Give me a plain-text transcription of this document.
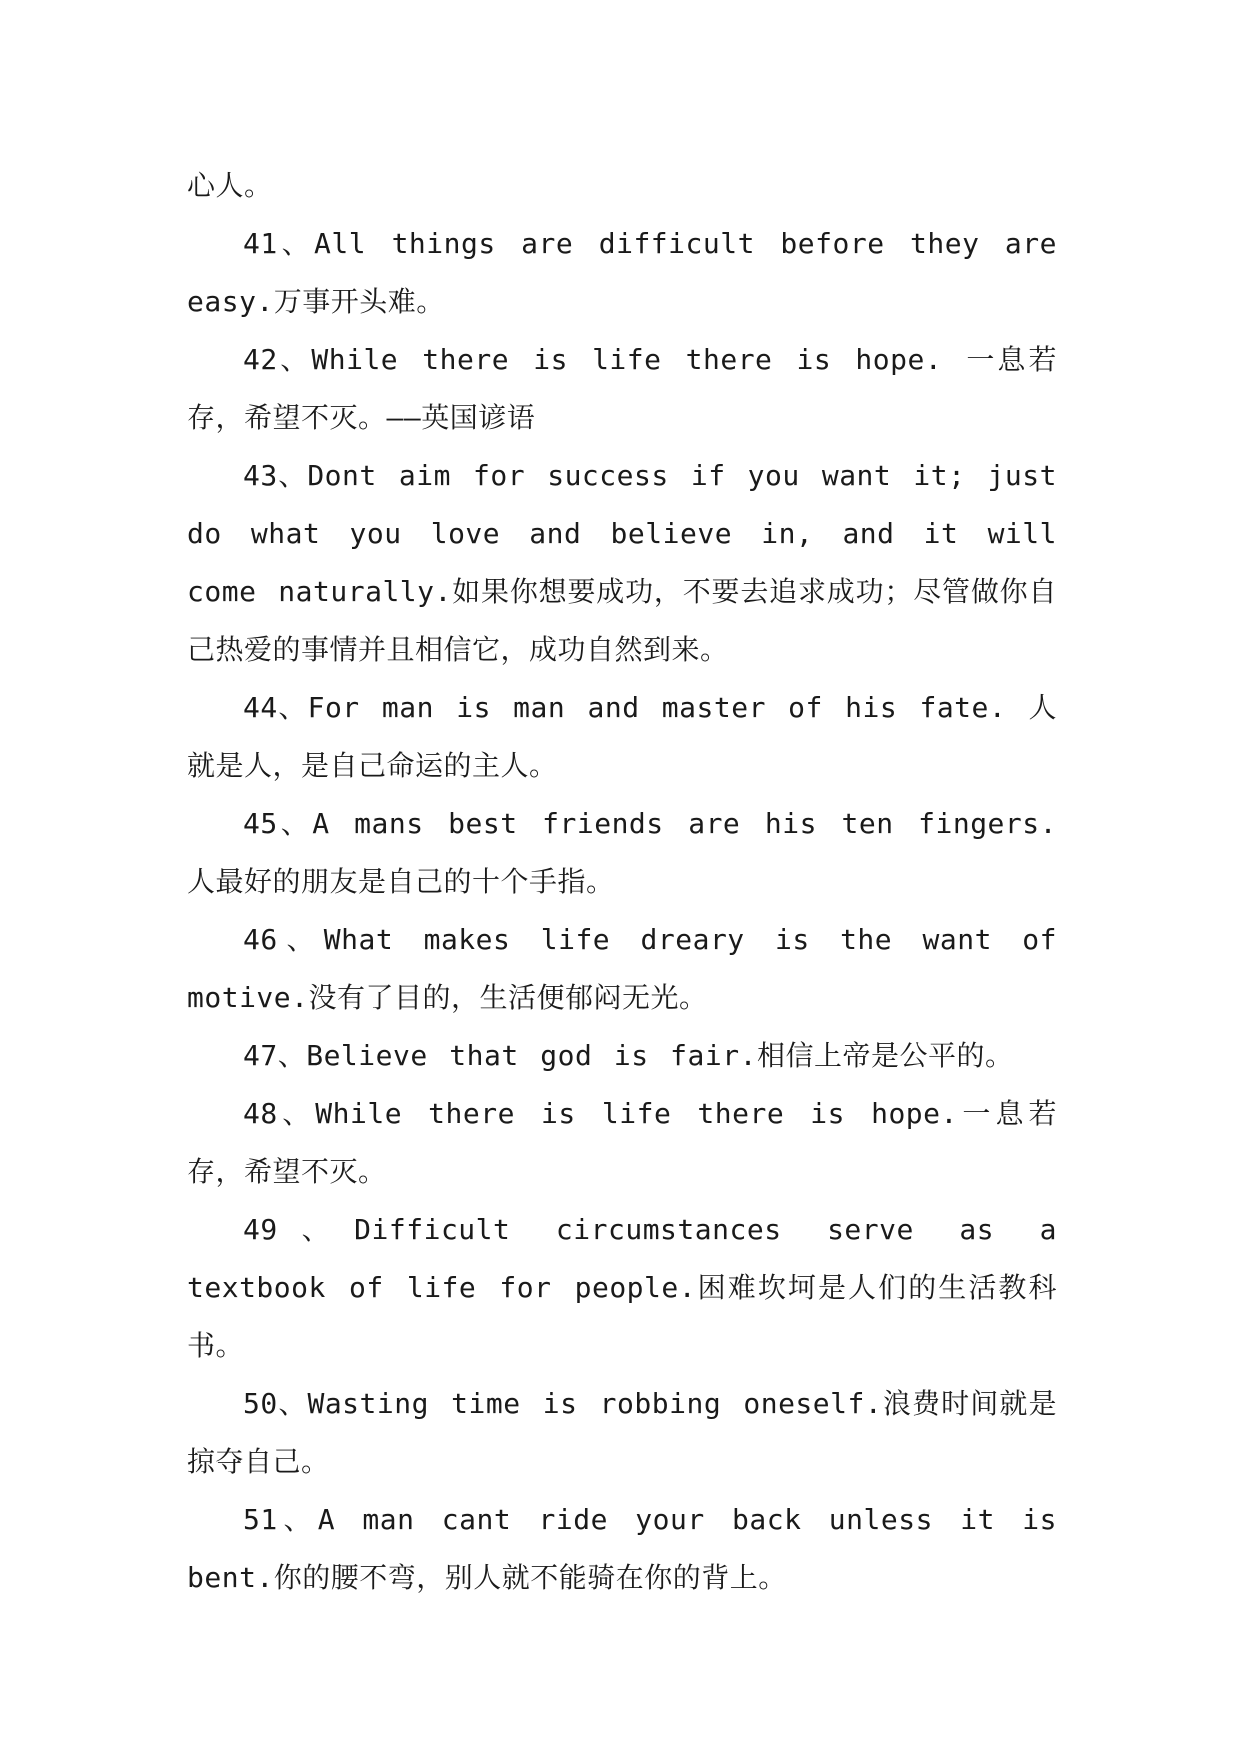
心人。

41、All things are difficult before they are easy.万事开头难。

42、While there is life there is hope. 一息若存，希望不灭。——英国谚语

43、Dont aim for success if you want it; just do what you love and believe in, and it will come naturally.如果你想要成功，不要去追求成功；尽管做你自己热爱的事情并且相信它，成功自然到来。

44、For man is man and master of his fate. 人就是人，是自己命运的主人。

45、A mans best friends are his ten fingers.人最好的朋友是自己的十个手指。

46、What makes life dreary is the want of motive.没有了目的，生活便郁闷无光。

47、Believe that god is fair.相信上帝是公平的。

48、While there is life there is hope.一息若存，希望不灭。

49、Difficult circumstances serve as a textbook of life for people.困难坎坷是人们的生活教科书。

50、Wasting time is robbing oneself.浪费时间就是掠夺自己。

51、A man cant ride your back unless it is bent.你的腰不弯，别人就不能骑在你的背上。
